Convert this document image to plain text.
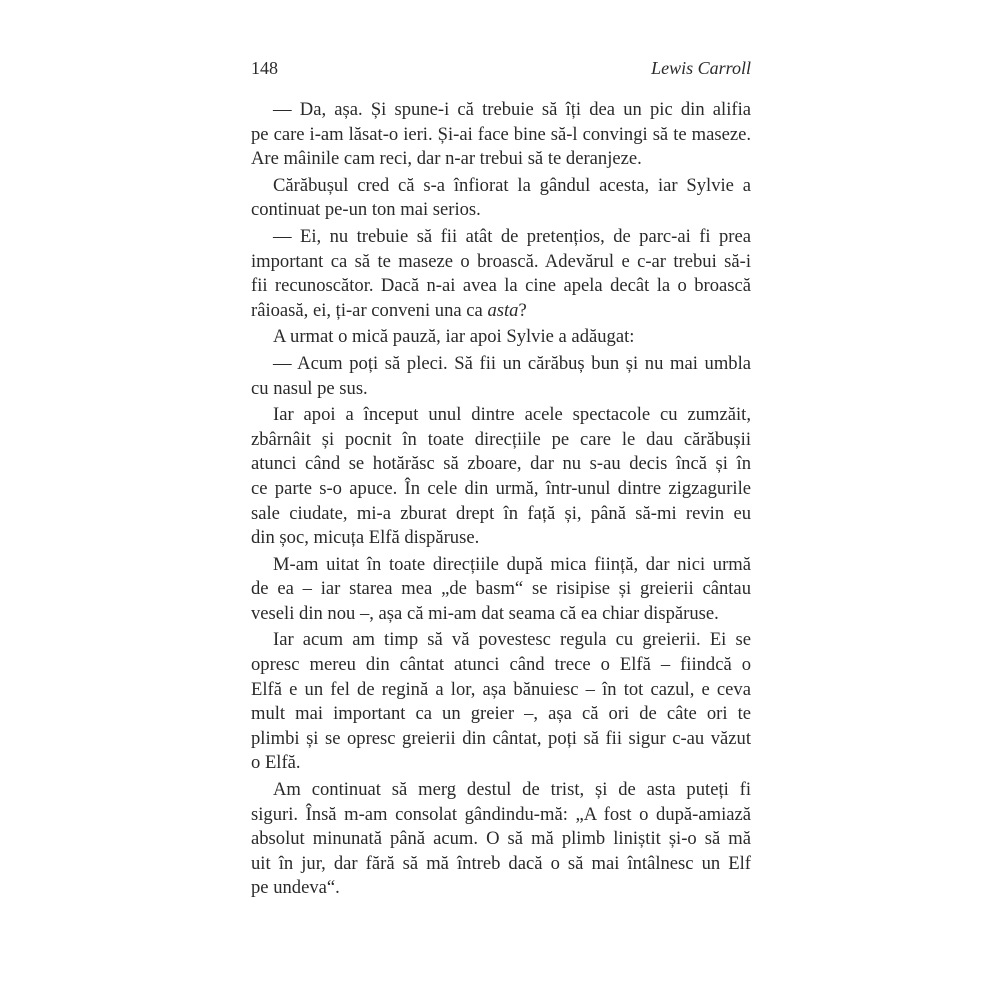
148	Lewis Carroll
— Da, așa. Și spune-i că trebuie să îți dea un pic din alifia
pe care i-am lăsat-o ieri. Și-ai face bine să-l convingi să te maseze.
Are mâinile cam reci, dar n-ar trebui să te deranjeze.
Cărăbușul cred că s-a înfiorat la gândul acesta, iar Sylvie a
continuat pe-un ton mai serios.
— Ei, nu trebuie să fii atât de pretențios, de parc-ai fi prea
important ca să te maseze o broască. Adevărul e c-ar trebui să-i
fii recunoscător. Dacă n-ai avea la cine apela decât la o broască
râioasă, ei, ți-ar conveni una ca asta?
A urmat o mică pauză, iar apoi Sylvie a adăugat:
— Acum poți să pleci. Să fii un cărăbuș bun și nu mai umbla
cu nasul pe sus.
Iar apoi a început unul dintre acele spectacole cu zumzăit,
zbârnâit și pocnit în toate direcțiile pe care le dau cărăbușii
atunci când se hotărăsc să zboare, dar nu s-au decis încă și în
ce parte s-o apuce. În cele din urmă, într-unul dintre zigzagurile
sale ciudate, mi-a zburat drept în față și, până să-mi revin eu
din șoc, micuța Elfă dispăruse.
M-am uitat în toate direcțiile după mica ființă, dar nici urmă
de ea – iar starea mea „de basm“ se risipise și greierii cântau
veseli din nou –, așa că mi-am dat seama că ea chiar dispăruse.
Iar acum am timp să vă povestesc regula cu greierii. Ei se
opresc mereu din cântat atunci când trece o Elfă – fiindcă o
Elfă e un fel de regină a lor, așa bănuiesc – în tot cazul, e ceva
mult mai important ca un greier –, așa că ori de câte ori te
plimbi și se opresc greierii din cântat, poți să fii sigur c-au văzut
o Elfă.
Am continuat să merg destul de trist, și de asta puteți fi
siguri. Însă m-am consolat gândindu-mă: „A fost o după-amiază
absolut minunată până acum. O să mă plimb liniștit și-o să mă
uit în jur, dar fără să mă întreb dacă o să mai întâlnesc un Elf
pe undeva“.
